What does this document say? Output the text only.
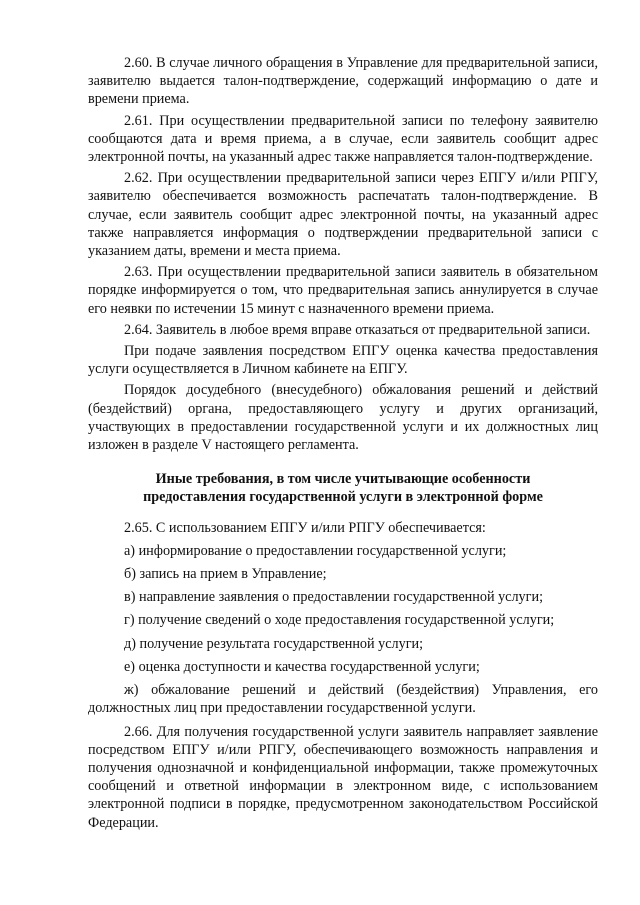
2.60. В случае личного обращения в Управление для предварительной записи, заявителю выдается талон-подтверждение, содержащий информацию о дате и времени приема.

2.61. При осуществлении предварительной записи по телефону заявителю сообщаются дата и время приема, а в случае, если заявитель сообщит адрес электронной почты, на указанный адрес также направляется талон-подтверждение.

2.62. При осуществлении предварительной записи через ЕПГУ и/или РПГУ, заявителю обеспечивается возможность распечатать талон-подтверждение. В случае, если заявитель сообщит адрес электронной почты, на указанный адрес также направляется информация о подтверждении предварительной записи с указанием даты, времени и места приема.

2.63. При осуществлении предварительной записи заявитель в обязательном порядке информируется о том, что предварительная запись аннулируется в случае его неявки по истечении 15 минут с назначенного времени приема.

2.64. Заявитель в любое время вправе отказаться от предварительной записи.

При подаче заявления посредством ЕПГУ оценка качества предоставления услуги осуществляется в Личном кабинете на ЕПГУ.

Порядок досудебного (внесудебного) обжалования решений и действий (бездействий) органа, предоставляющего услугу и других организаций, участвующих в предоставлении государственной услуги и их должностных лиц изложен в разделе V настоящего регламента.

Иные требования, в том числе учитывающие особенности
предоставления государственной услуги в электронной форме

2.65. С использованием ЕПГУ и/или РПГУ обеспечивается:

а) информирование о предоставлении государственной услуги;

б) запись на прием в Управление;

в) направление заявления о предоставлении государственной услуги;

г) получение сведений о ходе предоставления государственной услуги;

д) получение результата государственной услуги;

е) оценка доступности и качества государственной услуги;

ж) обжалование решений и действий (бездействия) Управления, его должностных лиц при предоставлении государственной услуги.

2.66. Для получения государственной услуги заявитель направляет заявление посредством ЕПГУ и/или РПГУ, обеспечивающего возможность направления и получения однозначной и конфиденциальной информации, также промежуточных сообщений и ответной информации в электронном виде, с использованием электронной подписи в порядке, предусмотренном законодательством Российской Федерации.
